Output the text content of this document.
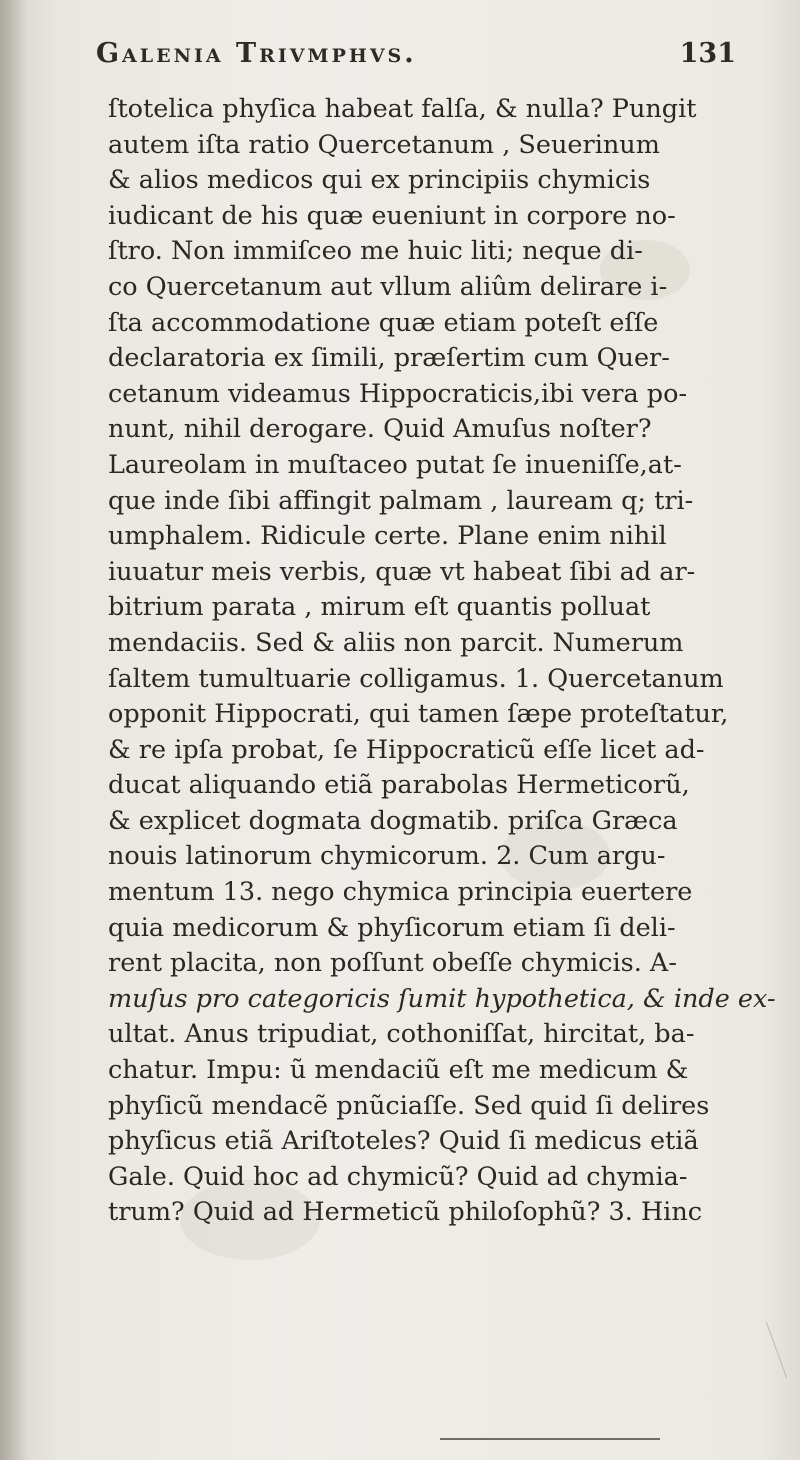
Galenia Trivmphvs.	131
ſtotelica phyſica habeat falſa, & nulla? Pungit
autem iſta ratio Quercetanum , Seuerinum
& alios medicos qui ex principiis chymicis
iudicant de his quæ eueniunt in corpore no-
ſtro. Non immiſceo me huic liti; neque di-
co Quercetanum aut vllum aliûm delirare i-
ſta accommodatione quæ etiam poteſt eſſe
declaratoria ex ſimili, præſertim cum Quer-
cetanum videamus Hippocraticis,ibi vera po-
nunt, nihil derogare. Quid Amuſus noſter?
Laureolam in muſtaceo putat ſe inueniſſe,at-
que inde ſibi affingit palmam , lauream q; tri-
umphalem. Ridicule certe. Plane enim nihil
iuuatur meis verbis, quæ vt habeat ſibi ad ar-
bitrium parata , mirum eſt quantis polluat
mendaciis. Sed & aliis non parcit. Numerum
ſaltem tumultuarie colligamus. 1. Quercetanum
opponit Hippocrati, qui tamen ſæpe proteſtatur,
& re ipſa probat, ſe Hippocraticũ eſſe licet ad-
ducat aliquando etiã parabolas Hermeticorũ,
& explicet dogmata dogmatib. priſca Græca
nouis latinorum chymicorum. 2. Cum argu-
mentum 13. nego chymica principia euertere
quia medicorum & phyſicorum etiam ſi deli-
rent placita, non poſſunt obeſſe chymicis. A-
muſus pro categoricis ſumit hypothetica, & inde ex-
ultat. Anus tripudiat, cothoniſſat, hircitat, ba-
chatur. Impu: ũ mendaciũ eſt me medicum &
phyſicũ mendacẽ pnũciaſſe. Sed quid ſi delires
phyſicus etiã Ariſtoteles? Quid ſi medicus etiã
Gale. Quid hoc ad chymicũ? Quid ad chymia-
trum? Quid ad Hermeticũ philoſophũ? 3. Hinc
